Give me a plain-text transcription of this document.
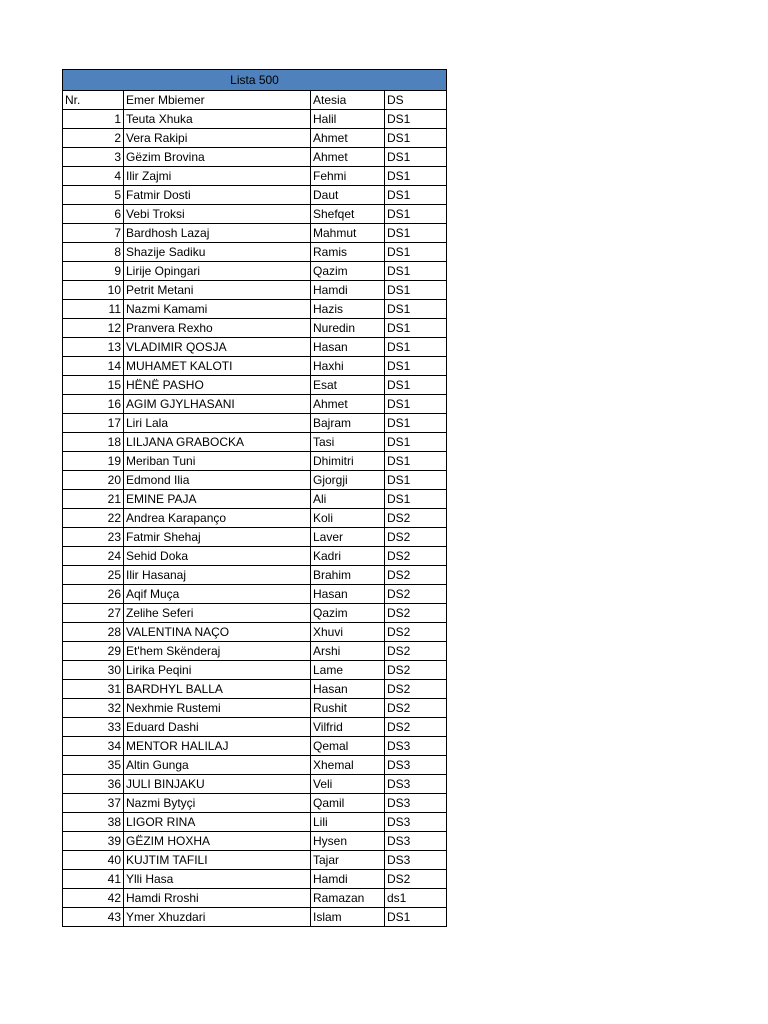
Lista 500			
Nr.	Emer Mbiemer	Atesia	DS
1	Teuta Xhuka	Halil	DS1
2	Vera Rakipi	Ahmet	DS1
3	Gëzim Brovina	Ahmet	DS1
4	Ilir Zajmi	Fehmi	DS1
5	Fatmir Dosti	Daut	DS1
6	Vebi Troksi	Shefqet	DS1
7	Bardhosh Lazaj	Mahmut	DS1
8	Shazije Sadiku	Ramis	DS1
9	Lirije Opingari	Qazim	DS1
10	Petrit Metani	Hamdi	DS1
11	Nazmi Kamami	Hazis	DS1
12	Pranvera Rexho	Nuredin	DS1
13	VLADIMIR QOSJA	Hasan	DS1
14	MUHAMET KALOTI	Haxhi	DS1
15	HËNË PASHO	Esat	DS1
16	AGIM GJYLHASANI	Ahmet	DS1
17	Liri Lala	Bajram	DS1
18	LILJANA GRABOCKA	Tasi	DS1
19	Meriban Tuni	Dhimitri	DS1
20	Edmond Ilia	Gjorgji	DS1
21	EMINE PAJA	Ali	DS1
22	Andrea Karapanço	Koli	DS2
23	Fatmir Shehaj	Laver	DS2
24	Sehid Doka	Kadri	DS2
25	Ilir Hasanaj	Brahim	DS2
26	Aqif Muça	Hasan	DS2
27	Zelihe Seferi	Qazim	DS2
28	VALENTINA NAÇO	Xhuvi	DS2
29	Et'hem Skënderaj	Arshi	DS2
30	Lirika Peqini	Lame	DS2
31	BARDHYL BALLA	Hasan	DS2
32	Nexhmie Rustemi	Rushit	DS2
33	Eduard Dashi	Vilfrid	DS2
34	MENTOR HALILAJ	Qemal	DS3
35	Altin Gunga	Xhemal	DS3
36	JULI BINJAKU	Veli	DS3
37	Nazmi Bytyçi	Qamil	DS3
38	LIGOR RINA	Lili	DS3
39	GËZIM HOXHA	Hysen	DS3
40	KUJTIM TAFILI	Tajar	DS3
41	Ylli Hasa	Hamdi	DS2
42	Hamdi Rroshi	Ramazan	ds1
43	Ymer Xhuzdari	Islam	DS1
